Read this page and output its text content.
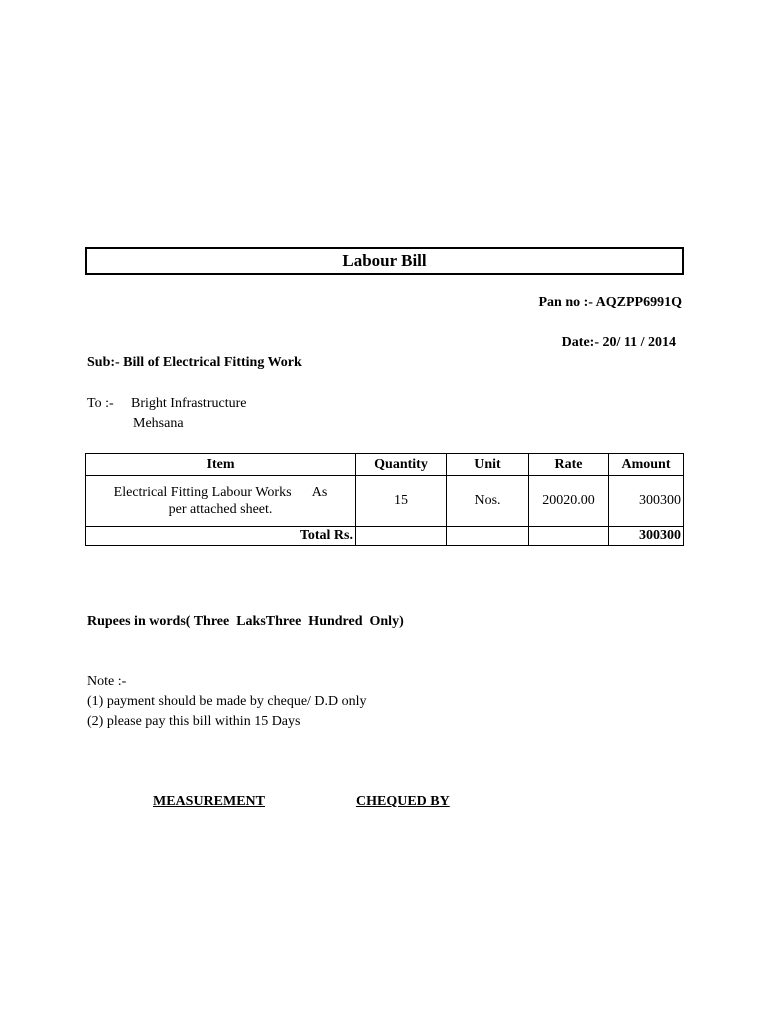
Labour Bill
Pan no :- AQZPP6991Q
Date:- 20/ 11 / 2014
Sub:- Bill of Electrical Fitting Work
To :- Bright Infrastructure
Mehsana
Item	Quantity	Unit	Rate	Amount

Electrical Fitting Labour Works      As
per attached sheet.	15	Nos.	20020.00	300300
Total Rs.				300300
Rupees in words( Three  LaksThree  Hundred  Only)
Note :-
(1) payment should be made by cheque/ D.D only
(2) please pay this bill within 15 Days
MEASUREMENT	CHEQUED BY
